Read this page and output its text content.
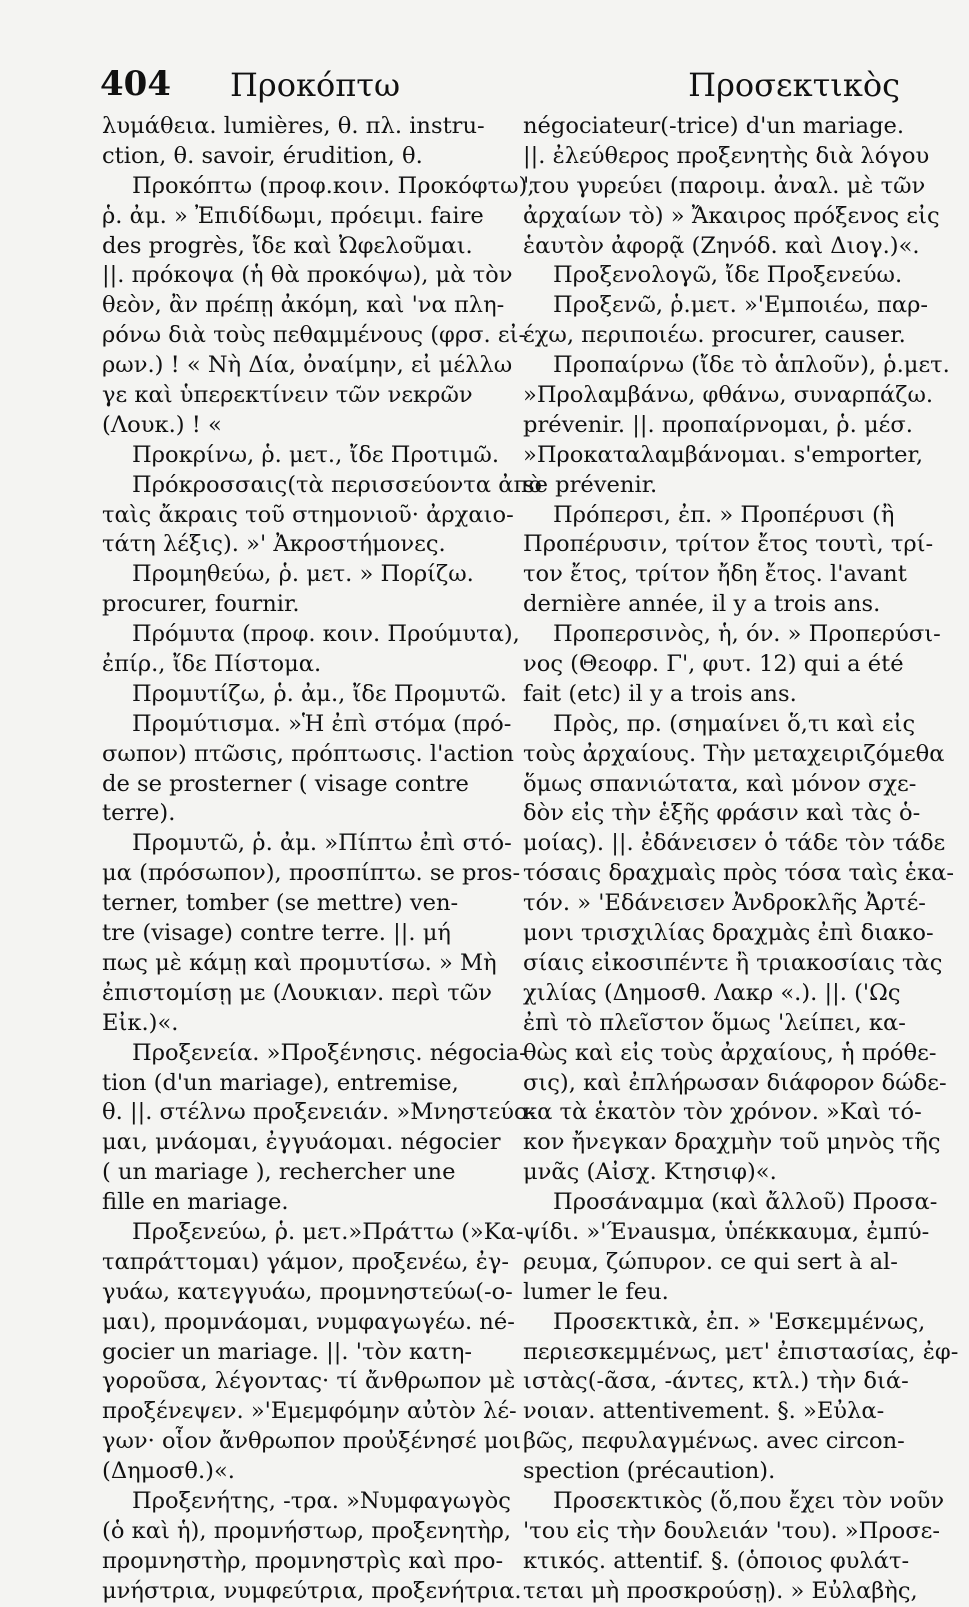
404 Προκόπτω	Προσεκτικὸς
λυμάθεια. lumières, θ. πλ. instru-
ction, θ. savoir, érudition, θ.
Προκόπτω (προφ.κοιν. Προκόφτω),
ῥ. ἀμ. » Ἐπιδίδωμι, πρόειμι. faire
des progrès, ἴδε καὶ Ὠφελοῦμαι.
||. πρόκοψα (ἡ θὰ προκόψω), μὰ τὸν
θεὸν, ἂν πρέπῃ ἀκόμη, καὶ 'να πλη-
ρόνω διὰ τοὺς πεθαμμένους (φρσ. εἰ-
ρων.) ! « Νὴ Δία, ὀναίμην, εἰ μέλλω
γε καὶ ὑπερεκτίνειν τῶν νεκρῶν
(Λουκ.) ! «
Προκρίνω, ῥ. μετ., ἴδε Προτιμῶ.
Πρόκροσσαις(τὰ περισσεύοντα ἀπὸ
ταὶς ἄκραις τοῦ στημονιοῦ· ἀρχαιο-
τάτη λέξις). »' Ἀκροστήμονες.
Προμηθεύω, ῥ. μετ. » Πορίζω.
procurer, fournir.
Πρόμυτα (προφ. κοιν. Προύμυτα),
ἐπίρ., ἴδε Πίστομα.
Προμυτίζω, ῥ. ἀμ., ἴδε Προμυτῶ.
Προμύτισμα. »Ἡ ἐπὶ στόμα (πρό-
σωπον) πτῶσις, πρόπτωσις. l'action
de se prosterner ( visage contre
terre).
Προμυτῶ, ῥ. ἀμ. »Πίπτω ἐπὶ στό-
μα (πρόσωπον), προσπίπτω. se pros-
terner, tomber (se mettre) ven-
tre (visage) contre terre. ||. μή
πως μὲ κάμῃ καὶ προμυτίσω. » Μὴ
ἐπιστομίσῃ με (Λουκιαν. περὶ τῶν
Εἰκ.)«.
Προξενεία. »Προξένησις. négocia-
tion (d'un mariage), entremise,
θ. ||. στέλνω προξενειάν. »Μνηστεύο-
μαι, μνάομαι, ἐγγυάομαι. négocier
( un mariage ), rechercher une
fille en mariage.
Προξενεύω, ῥ. μετ.»Πράττω (»Κα-
ταπράττομαι) γάμον, προξενέω, ἐγ-
γυάω, κατεγγυάω, προμνηστεύω(-ο-
μαι), προμνάομαι, νυμφαγωγέω. né-
gocier un mariage. ||. 'τὸν κατη-
γοροῦσα, λέγοντας· τί ἄνθρωπον μὲ
προξένεψεν. »'Εμεμφόμην αὐτὸν λέ-
γων· οἷον ἄνθρωπον προὐξένησέ μοι
(Δημοσθ.)«.
Προξενήτης, -τρα. »Νυμφαγωγὸς
(ὁ καὶ ἡ), προμνήστωρ, προξενητὴρ,
προμνηστὴρ, προμνηστρὶς καὶ προ-
μνήστρια, νυμφεύτρια, προξενήτρια.
négociateur(-trice) d'un mariage.
||. ἐλεύθερος προξενητὴς διὰ λόγου
'του γυρεύει (παροιμ. ἀναλ. μὲ τῶν
ἀρχαίων τὸ) » Ἄκαιρος πρόξενος εἰς
ἑαυτὸν ἀφορᾷ (Ζηνόδ. καὶ Διογ.)«.
Προξενολογῶ, ἴδε Προξενεύω.
Προξενῶ, ῥ.μετ. »'Εμποιέω, παρ-
έχω, περιποιέω. procurer, causer.
Προπαίρνω (ἴδε τὸ ἁπλοῦν), ῥ.μετ.
»Προλαμβάνω, φθάνω, συναρπάζω.
prévenir. ||. προπαίρνομαι, ῥ. μέσ.
»Προκαταλαμβάνομαι. s'emporter,
se prévenir.
Πρόπερσι, ἐπ. » Προπέρυσι (ἢ
Προπέρυσιν, τρίτον ἔτος τουτὶ, τρί-
τον ἔτος, τρίτον ἤδη ἔτος. l'avant
dernière année, il y a trois ans.
Προπερσινὸς, ἡ, όν. » Προπερύσι-
νος (Θεοφρ. Γ', φυτ. 12) qui a été
fait (etc) il y a trois ans.
Πρὸς, πρ. (σημαίνει ὅ,τι καὶ εἰς
τοὺς ἀρχαίους. Τὴν μεταχειριζόμεθα
ὅμως σπανιώτατα, καὶ μόνον σχε-
δὸν εἰς τὴν ἑξῆς φράσιν καὶ τὰς ὁ-
μοίας). ||. ἐδάνεισεν ὁ τάδε τὸν τάδε
τόσαις δραχμαὶς πρὸς τόσα ταὶς ἑκα-
τόν. » 'Εδάνεισεν Ἀνδροκλῆς Ἀρτέ-
μονι τρισχιλίας δραχμὰς ἐπὶ διακο-
σίαις εἰκοσιπέντε ἢ τριακοσίαις τὰς
χιλίας (Δημοσθ. Λακρ «.). ||. ('Ως
ἐπὶ τὸ πλεῖστον ὅμως 'λείπει, κα-
θὼς καὶ εἰς τοὺς ἀρχαίους, ἡ πρόθε-
σις), καὶ ἐπλήρωσαν διάφορον δώδε-
κα τὰ ἑκατὸν τὸν χρόνον. »Καὶ τό-
κον ἤνεγκαν δραχμὴν τοῦ μηνὸς τῆς
μνᾶς (Αἰσχ. Κτησιφ)«.
Προσάναμμα (καὶ ἄλλοῦ) Προσα-
ψίδι. »'Ένausμα, ὑπέκκαυμα, ἐμπύ-
ρευμα, ζώπυρον. ce qui sert à al-
lumer le feu.
Προσεκτικὰ, ἐπ. » 'Εσκεμμένως,
περιεσκεμμένως, μετ' ἐπιστασίας, ἐφ-
ιστὰς(-ᾶσα, -άντες, κτλ.) τὴν διά-
νοιαν. attentivement. §. »Εὐλα-
βῶς, πεφυλαγμένως. avec circon-
spection (précaution).
Προσεκτικὸς (ὅ,που ἔχει τὸν νοῦν
'του εἰς τὴν δουλειάν 'του). »Προσε-
κτικός. attentif. §. (ὁποιος φυλάτ-
τεται μὴ προσκρούσῃ). » Εὐλαβὴς,
